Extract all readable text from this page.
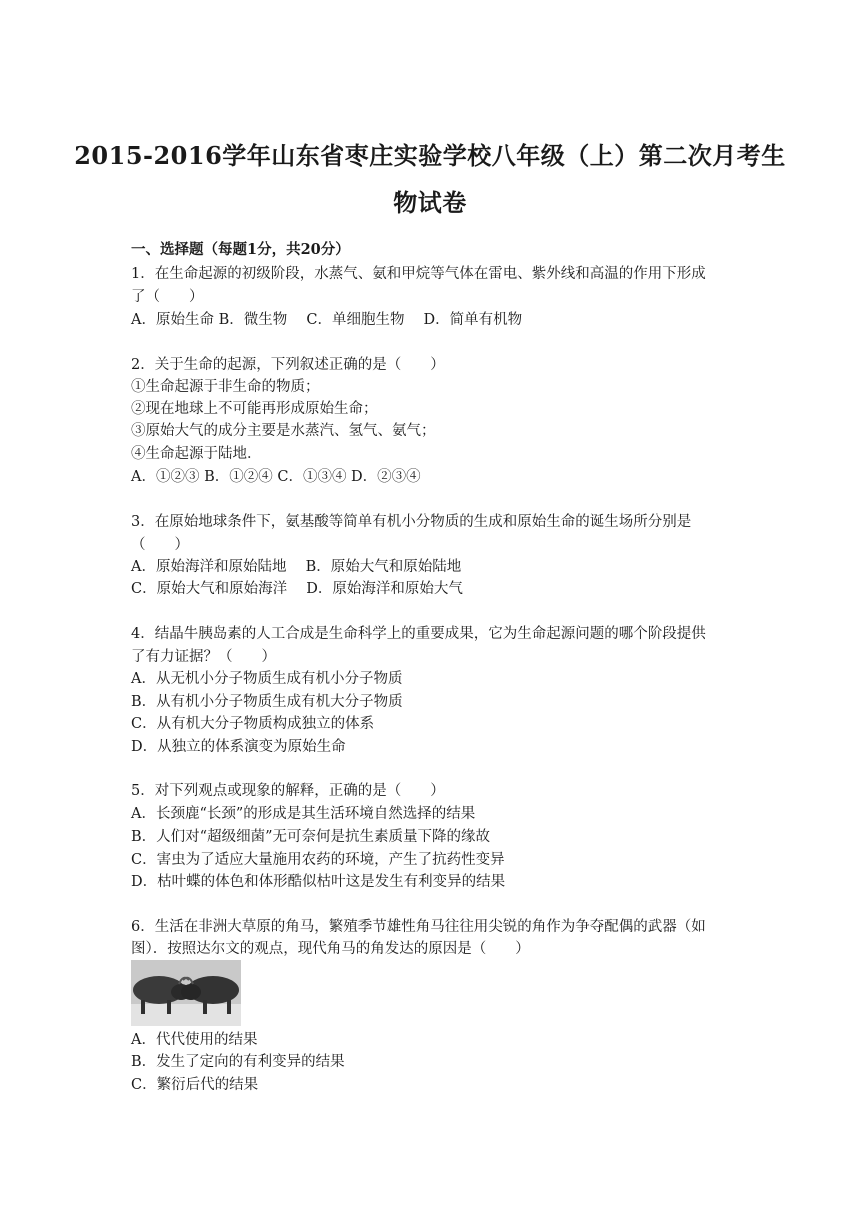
2015-2016学年山东省枣庄实验学校八年级（上）第二次月考生
物试卷
一、选择题（每题1分，共20分）
1．在生命起源的初级阶段，水蒸气、氨和甲烷等气体在雷电、紫外线和高温的作用下形成
了（　　）
A．原始生命 B．微生物　 C．单细胞生物　 D．简单有机物
2．关于生命的起源，下列叙述正确的是（　　）
①生命起源于非生命的物质；
②现在地球上不可能再形成原始生命；
③原始大气的成分主要是水蒸汽、氢气、氨气；
④生命起源于陆地．
A．①②③ B．①②④ C．①③④ D．②③④
3．在原始地球条件下，氨基酸等简单有机小分物质的生成和原始生命的诞生场所分别是
（　　）
A．原始海洋和原始陆地　 B．原始大气和原始陆地
C．原始大气和原始海洋　 D．原始海洋和原始大气
4．结晶牛胰岛素的人工合成是生命科学上的重要成果，它为生命起源问题的哪个阶段提供
了有力证据？（　　）
A．从无机小分子物质生成有机小分子物质
B．从有机小分子物质生成有机大分子物质
C．从有机大分子物质构成独立的体系
D．从独立的体系演变为原始生命
5．对下列观点或现象的解释，正确的是（　　）
A．长颈鹿“长颈”的形成是其生活环境自然选择的结果
B．人们对“超级细菌”无可奈何是抗生素质量下降的缘故
C．害虫为了适应大量施用农药的环境，产生了抗药性变异
D．枯叶蝶的体色和体形酷似枯叶这是发生有利变异的结果
6．生活在非洲大草原的角马，繁殖季节雄性角马往往用尖锐的角作为争夺配偶的武器（如
图）．按照达尔文的观点，现代角马的角发达的原因是（　　）
A．代代使用的结果
B．发生了定向的有利变异的结果
C．繁衍后代的结果
